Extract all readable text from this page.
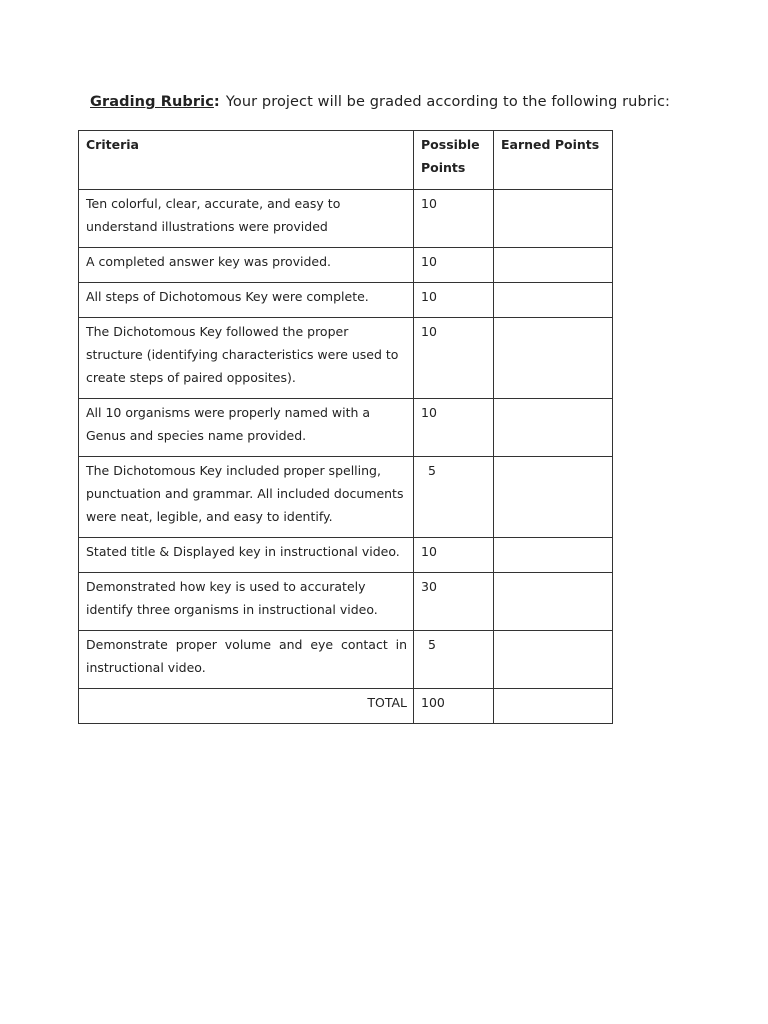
Grading Rubric: Your project will be graded according to the following rubric:
Criteria	Possible Points	Earned Points
Ten colorful, clear, accurate, and easy to understand illustrations were provided	10	
A completed answer key was provided.	10	
All steps of Dichotomous Key were complete.	10	
The Dichotomous Key followed the proper structure (identifying characteristics were used to create steps of paired opposites).	10	
All 10 organisms were properly named with a Genus and species name provided.	10	
The Dichotomous Key included proper spelling, punctuation and grammar. All included documents were neat, legible, and easy to identify.	5	
Stated title & Displayed key in instructional video.	10	
Demonstrated how key is used to accurately identify three organisms in instructional video.	30	
Demonstrate proper volume and eye contact in instructional video.	5	
TOTAL	100	
